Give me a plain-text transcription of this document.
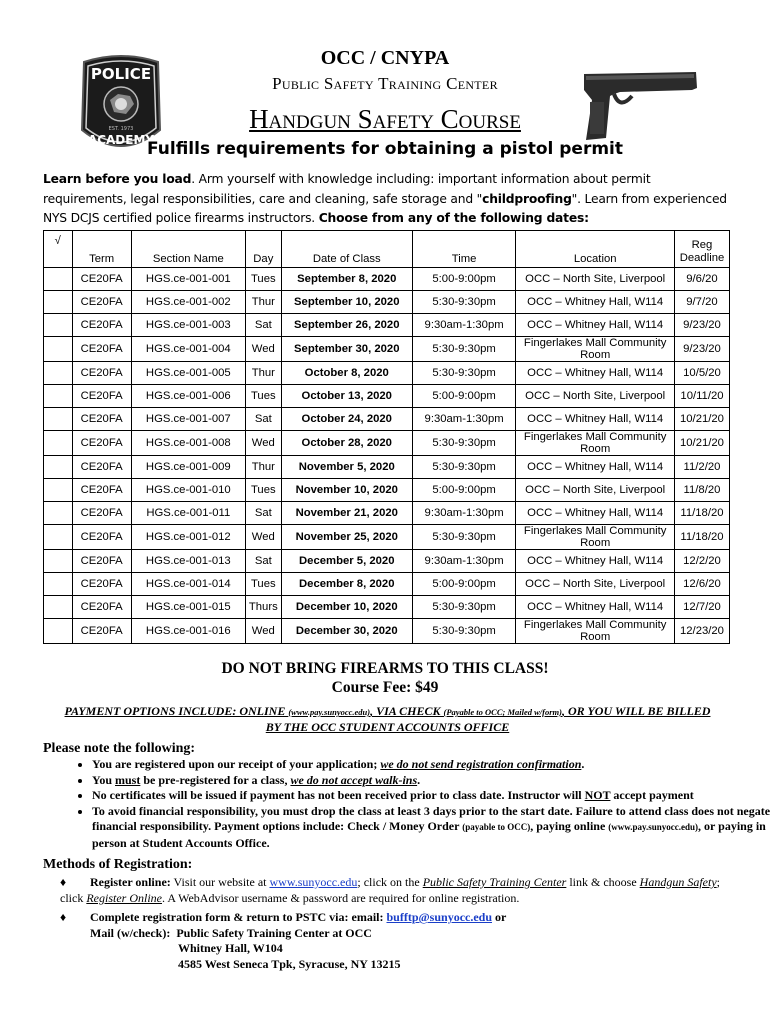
POLICE
EST. 1973
ACADEMY
OCC / CNYPA
Public Safety Training Center
Handgun Safety Course
Fulfills requirements for obtaining a pistol permit
Learn before you load. Arm yourself with knowledge including: important information about permit requirements, legal responsibilities, care and cleaning, safe storage and "childproofing". Learn from experienced NYS DCJS certified police firearms instructors. Choose from any of the following dates:
√	Term	Section Name	Day	Date of Class	Time	Location	Reg Deadline
	CE20FA	HGS.ce-001-001	Tues	September 8, 2020	5:00-9:00pm	OCC – North Site, Liverpool	9/6/20
	CE20FA	HGS.ce-001-002	Thur	September 10, 2020	5:30-9:30pm	OCC – Whitney Hall, W114	9/7/20
	CE20FA	HGS.ce-001-003	Sat	September 26, 2020	9:30am-1:30pm	OCC – Whitney Hall, W114	9/23/20
	CE20FA	HGS.ce-001-004	Wed	September 30, 2020	5:30-9:30pm	Fingerlakes Mall Community Room	9/23/20
	CE20FA	HGS.ce-001-005	Thur	October 8, 2020	5:30-9:30pm	OCC – Whitney Hall, W114	10/5/20
	CE20FA	HGS.ce-001-006	Tues	October 13, 2020	5:00-9:00pm	OCC – North Site, Liverpool	10/11/20
	CE20FA	HGS.ce-001-007	Sat	October 24, 2020	9:30am-1:30pm	OCC – Whitney Hall, W114	10/21/20
	CE20FA	HGS.ce-001-008	Wed	October 28, 2020	5:30-9:30pm	Fingerlakes Mall Community Room	10/21/20
	CE20FA	HGS.ce-001-009	Thur	November 5, 2020	5:30-9:30pm	OCC – Whitney Hall, W114	11/2/20
	CE20FA	HGS.ce-001-010	Tues	November 10, 2020	5:00-9:00pm	OCC – North Site, Liverpool	11/8/20
	CE20FA	HGS.ce-001-011	Sat	November 21, 2020	9:30am-1:30pm	OCC – Whitney Hall, W114	11/18/20
	CE20FA	HGS.ce-001-012	Wed	November 25, 2020	5:30-9:30pm	Fingerlakes Mall Community Room	11/18/20
	CE20FA	HGS.ce-001-013	Sat	December 5, 2020	9:30am-1:30pm	OCC – Whitney Hall, W114	12/2/20
	CE20FA	HGS.ce-001-014	Tues	December 8, 2020	5:00-9:00pm	OCC – North Site, Liverpool	12/6/20
	CE20FA	HGS.ce-001-015	Thurs	December 10, 2020	5:30-9:30pm	OCC – Whitney Hall, W114	12/7/20
	CE20FA	HGS.ce-001-016	Wed	December 30, 2020	5:30-9:30pm	Fingerlakes Mall Community Room	12/23/20
DO NOT BRING FIREARMS TO THIS CLASS!
Course Fee: $49
PAYMENT OPTIONS INCLUDE: ONLINE (www.pay.sunyocc.edu), VIA CHECK (Payable to OCC; Mailed w/form), OR YOU WILL BE BILLED BY THE OCC STUDENT ACCOUNTS OFFICE
Please note the following:
• You are registered upon our receipt of your application; we do not send registration confirmation.
• You must be pre-registered for a class, we do not accept walk-ins.
• No certificates will be issued if payment has not been received prior to class date. Instructor will NOT accept payment
• To avoid financial responsibility, you must drop the class at least 3 days prior to the start date. Failure to attend class does not negate financial responsibility. Payment options include: Check / Money Order (payable to OCC), paying online (www.pay.sunyocc.edu), or paying in person at Student Accounts Office.
Methods of Registration:
♦ Register online: Visit our website at www.sunyocc.edu; click on the Public Safety Training Center link & choose Handgun Safety; click Register Online. A WebAdvisor username & password are required for online registration.
♦ Complete registration form & return to PSTC via: email: bufftp@sunyocc.edu or
Mail (w/check): Public Safety Training Center at OCC
Whitney Hall, W104
4585 West Seneca Tpk, Syracuse, NY 13215
